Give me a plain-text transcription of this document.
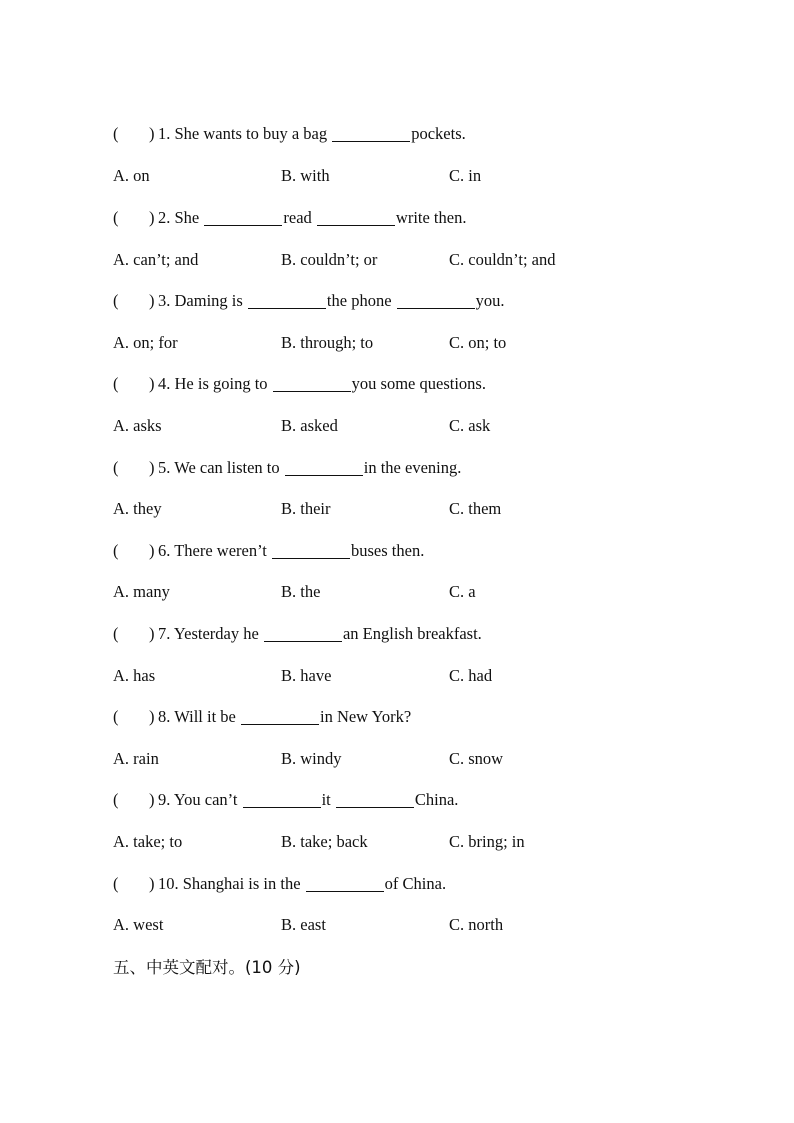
( ) 1. She wants to buy a bag	pockets.
A. on	B. with	C. in
( ) 2. She	read	write then.
A. can’t; and	B. couldn’t; or	C. couldn’t; and
( ) 3. Daming is	the phone	you.
A. on; for	B. through; to	C. on; to
( ) 4. He is going to	you some questions.
A. asks	B. asked	C. ask
( ) 5. We can listen to	in the evening.
A. they	B. their	C. them
( ) 6. There weren’t	buses then.
A. many	B. the	C. a
( ) 7. Yesterday he	an English breakfast.
A. has	B. have	C. had
( ) 8. Will it be	in New York?
A. rain	B. windy	C. snow
( ) 9. You can’t	it	China.
A. take; to	B. take; back	C. bring; in
( ) 10. Shanghai is in the	of China.
A. west	B. east	C. north
五、中英文配对。(10 分)
